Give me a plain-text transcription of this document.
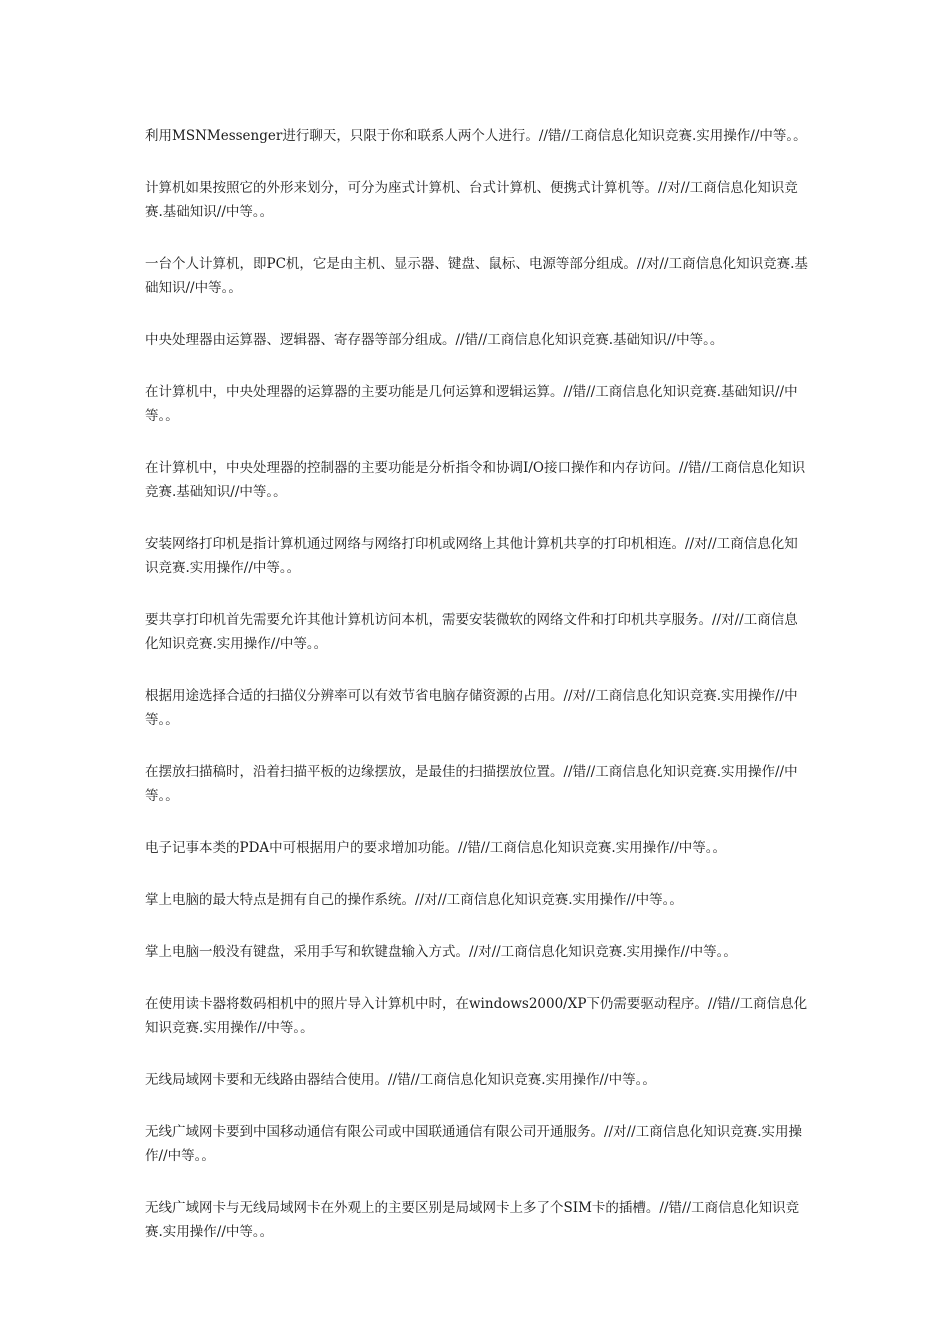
利用MSNMessenger进行聊天，只限于你和联系人两个人进行。//错//工商信息化知识竞赛.实用操作//中等。。

计算机如果按照它的外形来划分，可分为座式计算机、台式计算机、便携式计算机等。//对//工商信息化知识竞赛.基础知识//中等。。

一台个人计算机，即PC机，它是由主机、显示器、键盘、鼠标、电源等部分组成。//对//工商信息化知识竞赛.基础知识//中等。。

中央处理器由运算器、逻辑器、寄存器等部分组成。//错//工商信息化知识竞赛.基础知识//中等。。

在计算机中，中央处理器的运算器的主要功能是几何运算和逻辑运算。//错//工商信息化知识竞赛.基础知识//中等。。

在计算机中，中央处理器的控制器的主要功能是分析指令和协调I/O接口操作和内存访问。//错//工商信息化知识竞赛.基础知识//中等。。

安装网络打印机是指计算机通过网络与网络打印机或网络上其他计算机共享的打印机相连。//对//工商信息化知识竞赛.实用操作//中等。。

要共享打印机首先需要允许其他计算机访问本机，需要安装微软的网络文件和打印机共享服务。//对//工商信息化知识竞赛.实用操作//中等。。

根据用途选择合适的扫描仪分辨率可以有效节省电脑存储资源的占用。//对//工商信息化知识竞赛.实用操作//中等。。

在摆放扫描稿时，沿着扫描平板的边缘摆放，是最佳的扫描摆放位置。//错//工商信息化知识竞赛.实用操作//中等。。

电子记事本类的PDA中可根据用户的要求增加功能。//错//工商信息化知识竞赛.实用操作//中等。。

掌上电脑的最大特点是拥有自己的操作系统。//对//工商信息化知识竞赛.实用操作//中等。。

掌上电脑一般没有键盘，采用手写和软键盘输入方式。//对//工商信息化知识竞赛.实用操作//中等。。

在使用读卡器将数码相机中的照片导入计算机中时，在windows2000/XP下仍需要驱动程序。//错//工商信息化知识竞赛.实用操作//中等。。

无线局域网卡要和无线路由器结合使用。//错//工商信息化知识竞赛.实用操作//中等。。

无线广域网卡要到中国移动通信有限公司或中国联通通信有限公司开通服务。//对//工商信息化知识竞赛.实用操作//中等。。

无线广域网卡与无线局域网卡在外观上的主要区别是局域网卡上多了个SIM卡的插槽。//错//工商信息化知识竞赛.实用操作//中等。。
